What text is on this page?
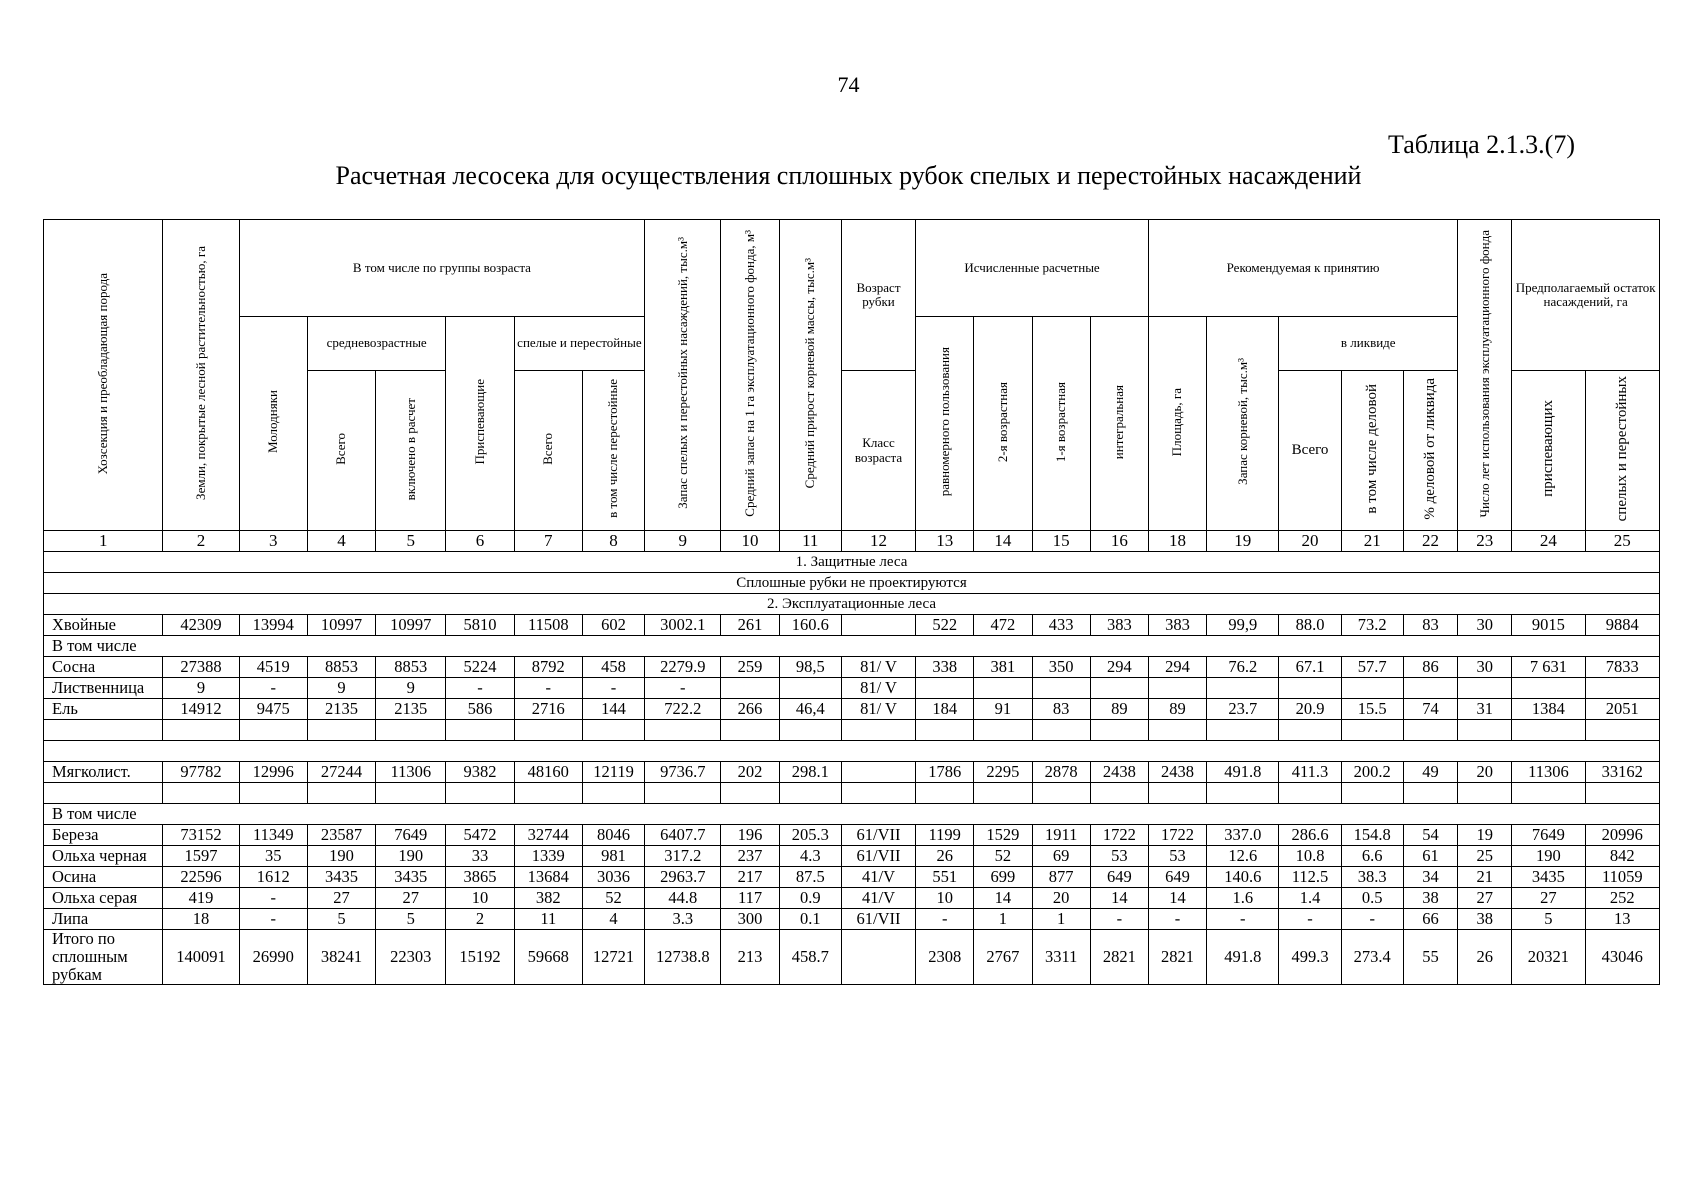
74
Таблица 2.1.3.(7)
Расчетная лесосека для осуществления сплошных рубок спелых и перестойных насаждений
Хозсекция и преобладающая порода	Земли, покрытые лесной растительностью, га	В том числе по группы возраста						Запас спелых и перестойных насаждений, тыс.м³	Средний запас на 1 га эксплуатационного фонда, м³	Средний прирост корневой массы, тыс.м³	Возраст рубки	Исчисленные расчетные				Рекомендуемая к принятию					Число лет использования эксплуатационного фонда	Предполагаемый остаток насаждений, га	
		Молодняки	средневозрастные		Приспевающие	спелые и перестойные						равномерного пользования	2-я возрастная	1-я возрастная	интегральная	Площадь, га	Запас корневой, тыс.м³	в ликвиде					
			Всего	включено в расчет		Всего	в том числе перестойные				Класс возраста							Всего	в том числе деловой	% деловой от ликвида		приспевающих	спелых и перестойных
1	2	3	4	5	6	7	8	9	10	11	12	13	14	15	16	18	19	20	21	22	23	24	25
1. Защитные леса																							
Сплошные рубки не проектируются																							
2. Эксплуатационные леса																							
Хвойные	42309	13994	10997	10997	5810	11508	602	3002.1	261	160.6		522	472	433	383	383	99,9	88.0	73.2	83	30	9015	9884
В том числе																							
Сосна	27388	4519	8853	8853	5224	8792	458	2279.9	259	98,5	81/ V	338	381	350	294	294	76.2	67.1	57.7	86	30	7 631	7833
Лиственница	9	-	9	9	-	-	-	-			81/ V												
Ель	14912	9475	2135	2135	586	2716	144	722.2	266	46,4	81/ V	184	91	83	89	89	23.7	20.9	15.5	74	31	1384	2051

Мягколист.	97782	12996	27244	11306	9382	48160	12119	9736.7	202	298.1		1786	2295	2878	2438	2438	491.8	411.3	200.2	49	20	11306	33162

В том числе																							
Береза	73152	11349	23587	7649	5472	32744	8046	6407.7	196	205.3	61/VII	1199	1529	1911	1722	1722	337.0	286.6	154.8	54	19	7649	20996
Ольха черная	1597	35	190	190	33	1339	981	317.2	237	4.3	61/VII	26	52	69	53	53	12.6	10.8	6.6	61	25	190	842
Осина	22596	1612	3435	3435	3865	13684	3036	2963.7	217	87.5	41/V	551	699	877	649	649	140.6	112.5	38.3	34	21	3435	11059
Ольха серая	419	-	27	27	10	382	52	44.8	117	0.9	41/V	10	14	20	14	14	1.6	1.4	0.5	38	27	27	252
Липа	18	-	5	5	2	11	4	3.3	300	0.1	61/VII	-	1	1	-	-	-	-	-	66	38	5	13
Итого по сплошным рубкам	140091	26990	38241	22303	15192	59668	12721	12738.8	213	458.7		2308	2767	3311	2821	2821	491.8	499.3	273.4	55	26	20321	43046
